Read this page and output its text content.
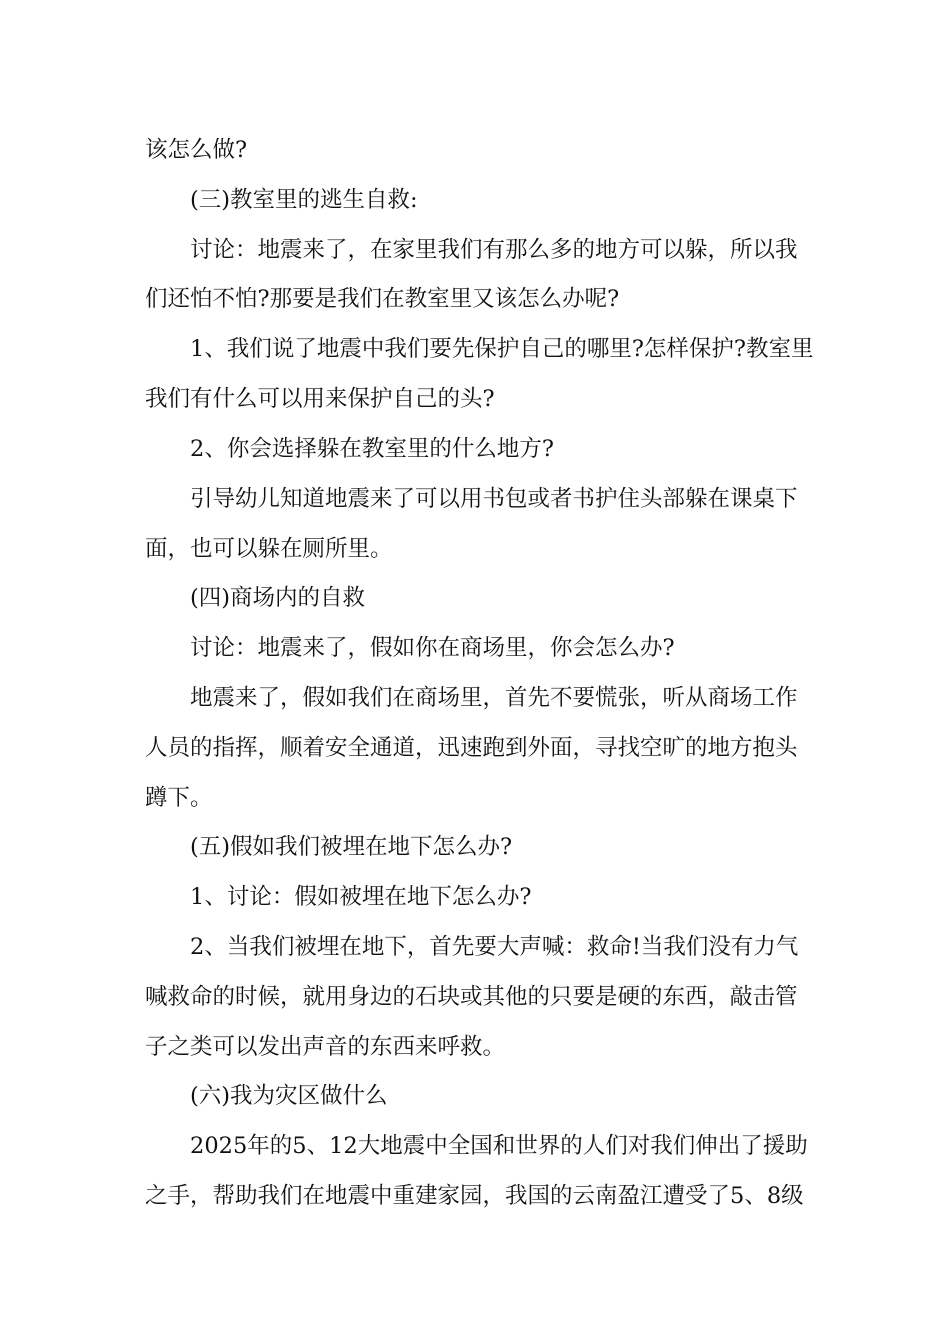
该怎么做?
(三)教室里的逃生自救:
讨论：地震来了，在家里我们有那么多的地方可以躲，所以我
们还怕不怕?那要是我们在教室里又该怎么办呢?
1、我们说了地震中我们要先保护自己的哪里?怎样保护?教室里
我们有什么可以用来保护自己的头?
2、你会选择躲在教室里的什么地方?
引导幼儿知道地震来了可以用书包或者书护住头部躲在课桌下
面，也可以躲在厕所里。
(四)商场内的自救
讨论：地震来了，假如你在商场里，你会怎么办?
地震来了，假如我们在商场里，首先不要慌张，听从商场工作
人员的指挥，顺着安全通道，迅速跑到外面，寻找空旷的地方抱头
蹲下。
(五)假如我们被埋在地下怎么办?
1、讨论：假如被埋在地下怎么办?
2、当我们被埋在地下，首先要大声喊：救命!当我们没有力气
喊救命的时候，就用身边的石块或其他的只要是硬的东西，敲击管
子之类可以发出声音的东西来呼救。
(六)我为灾区做什么
2025年的5、12大地震中全国和世界的人们对我们伸出了援助
之手，帮助我们在地震中重建家园，我国的云南盈江遭受了5、8级
